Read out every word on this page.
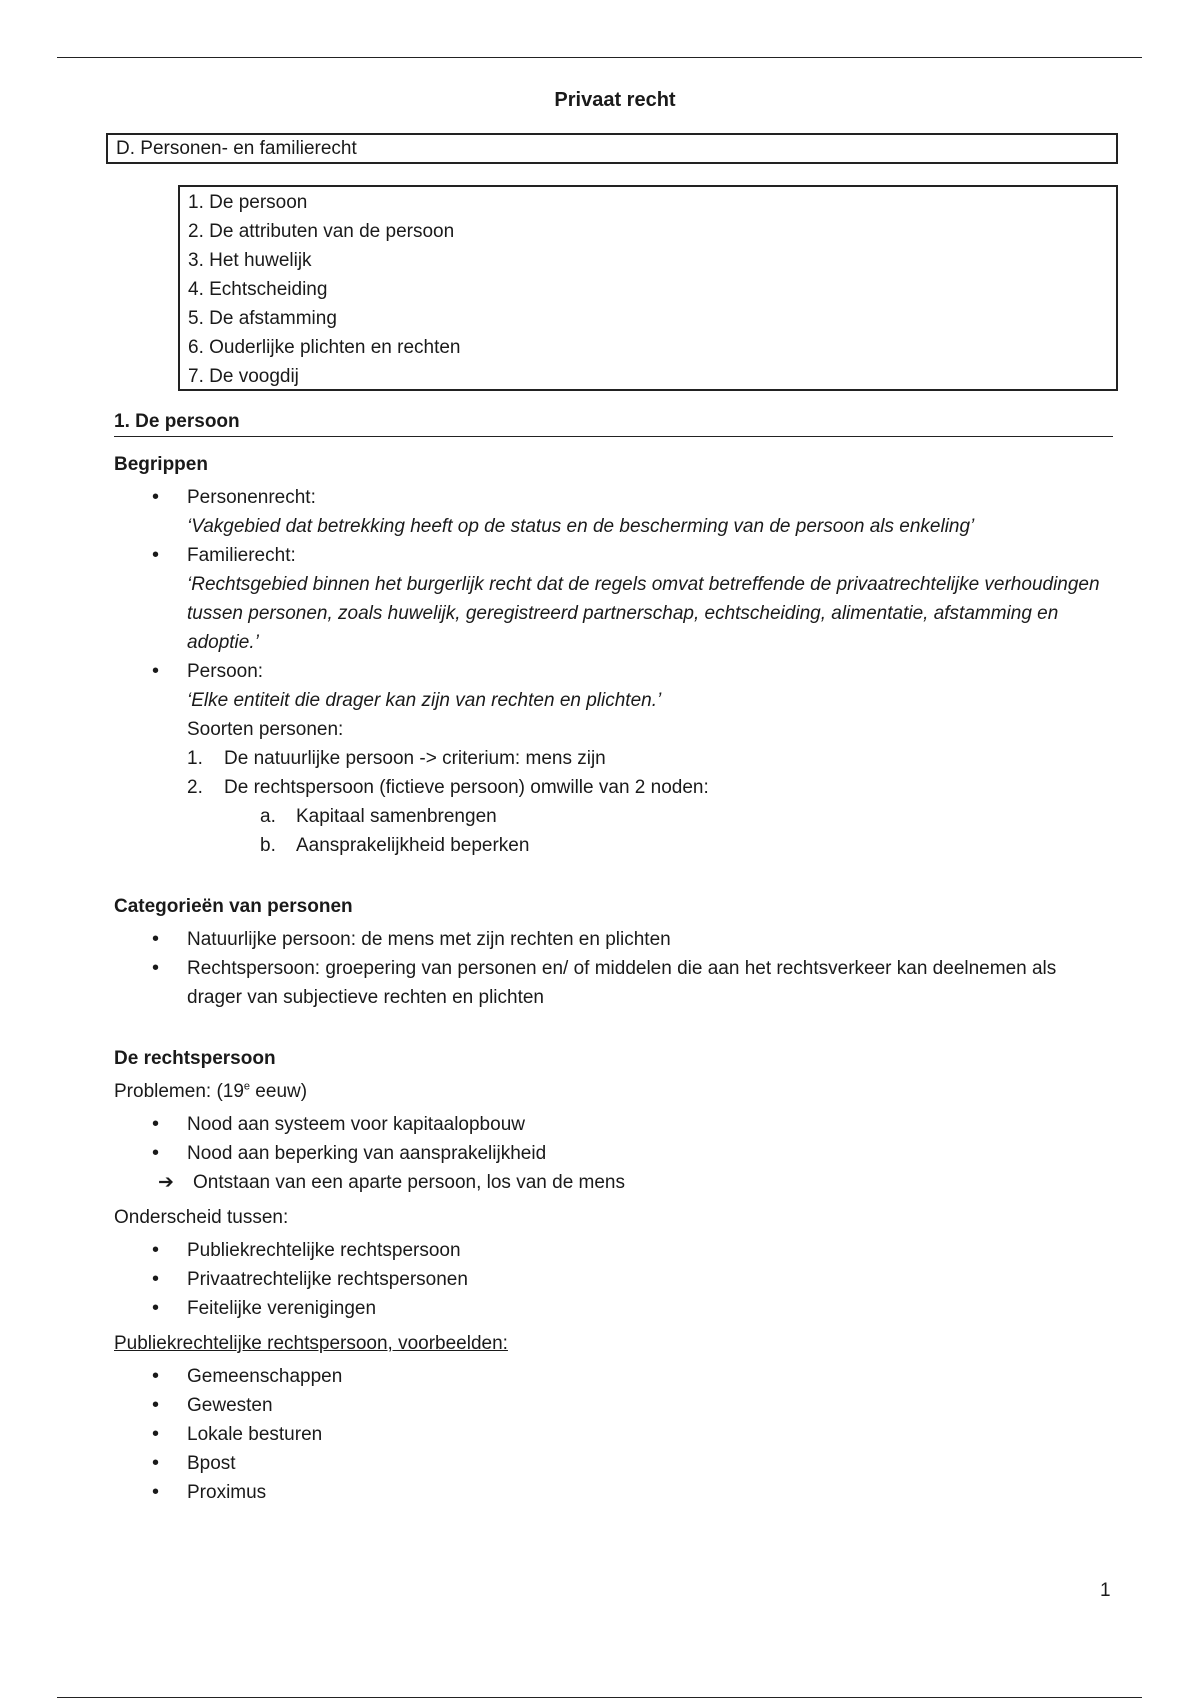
Privaat recht
D. Personen- en familierecht
1. De persoon
2. De attributen van de persoon
3. Het huwelijk
4. Echtscheiding
5. De afstamming
6. Ouderlijke plichten en rechten
7. De voogdij
1. De persoon
Begrippen
• Personenrecht:
‘Vakgebied dat betrekking heeft op de status en de bescherming van de persoon als enkeling’
• Familierecht:
‘Rechtsgebied binnen het burgerlijk recht dat de regels omvat betreffende de privaatrechtelijke verhoudingen tussen personen, zoals huwelijk, geregistreerd partnerschap, echtscheiding, alimentatie, afstamming en adoptie.’
• Persoon:
‘Elke entiteit die drager kan zijn van rechten en plichten.’
Soorten personen:
1. De natuurlijke persoon -> criterium: mens zijn
2. De rechtspersoon (fictieve persoon) omwille van 2 noden:
a. Kapitaal samenbrengen
b. Aansprakelijkheid beperken
Categorieën van personen
• Natuurlijke persoon: de mens met zijn rechten en plichten
• Rechtspersoon: groepering van personen en/ of middelen die aan het rechtsverkeer kan deelnemen als drager van subjectieve rechten en plichten
De rechtspersoon
Problemen: (19e eeuw)
• Nood aan systeem voor kapitaalopbouw
• Nood aan beperking van aansprakelijkheid
➔ Ontstaan van een aparte persoon, los van de mens
Onderscheid tussen:
• Publiekrechtelijke rechtspersoon
• Privaatrechtelijke rechtspersonen
• Feitelijke verenigingen
Publiekrechtelijke rechtspersoon, voorbeelden:
• Gemeenschappen
• Gewesten
• Lokale besturen
• Bpost
• Proximus
1
